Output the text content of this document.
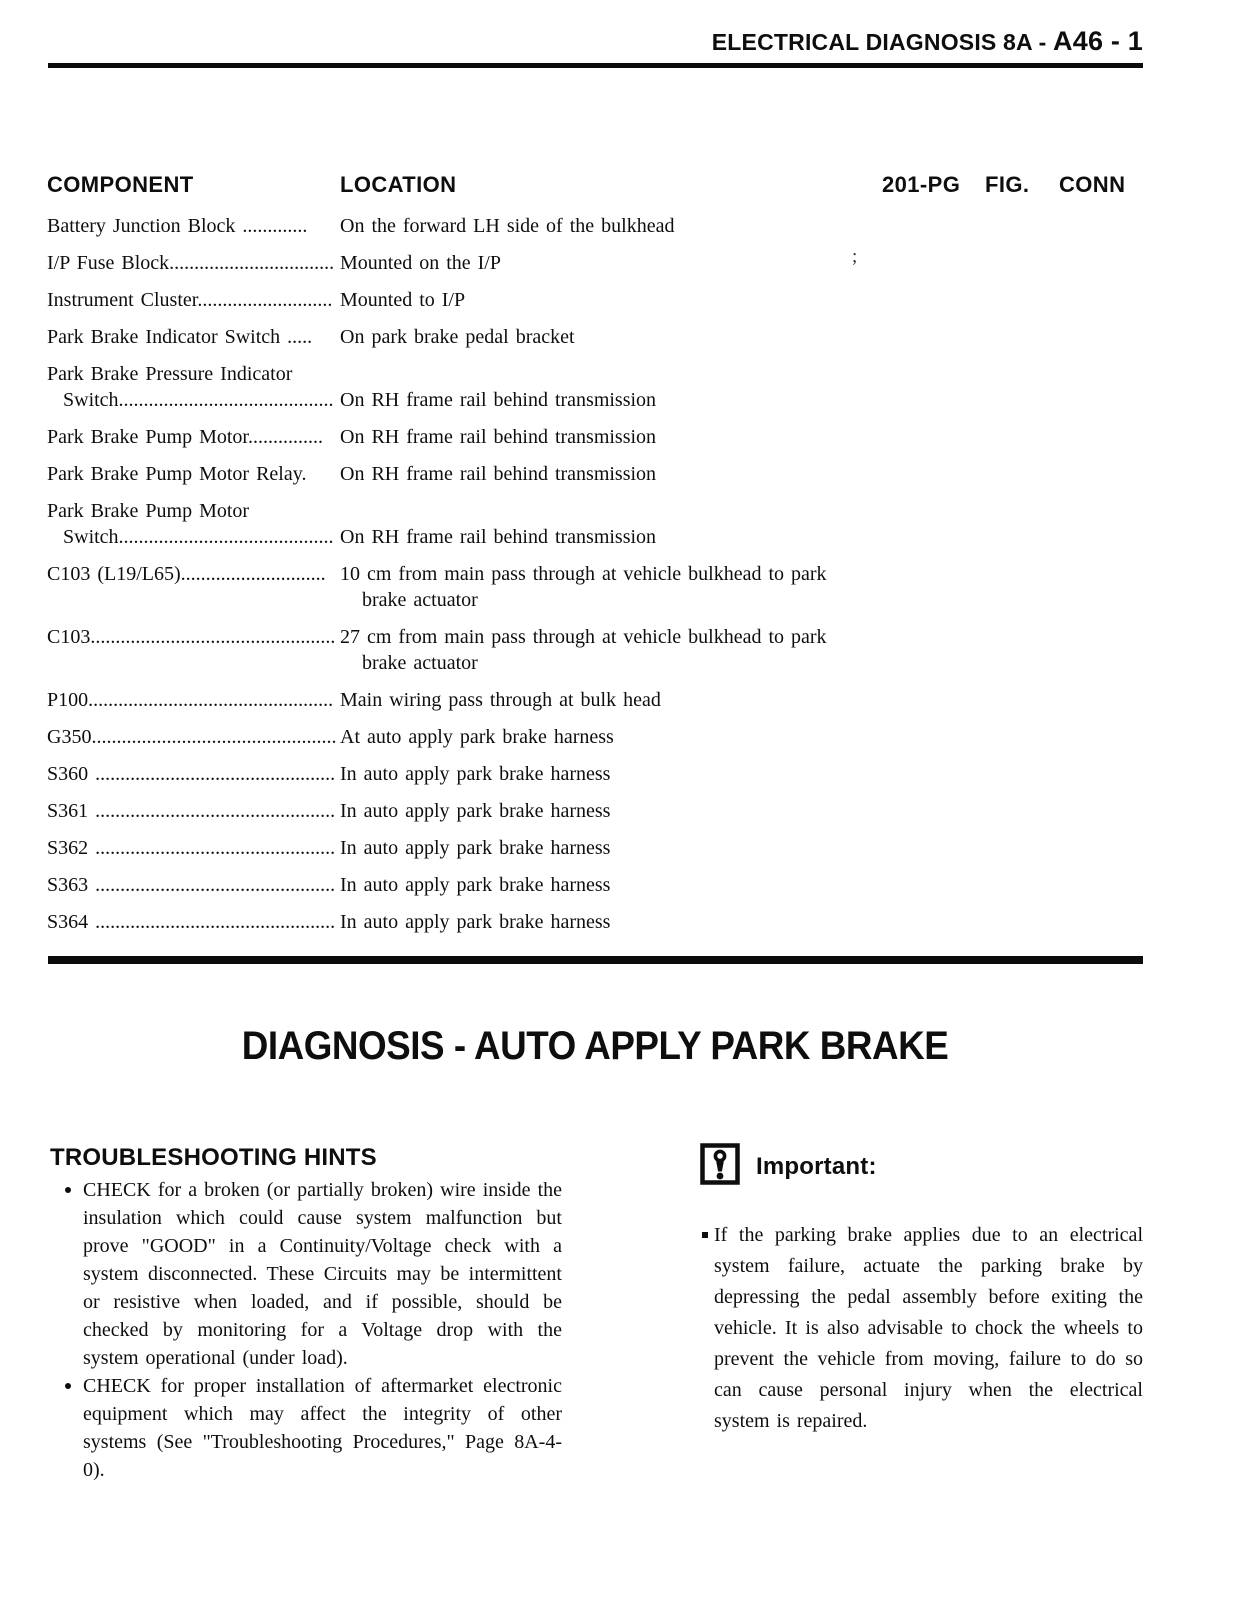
ELECTRICAL DIAGNOSIS 8A - A46 - 1
COMPONENT	LOCATION	201-PG FIG. CONN
Battery Junction Block .............	On the forward LH side of the bulkhead
I/P Fuse Block................................. Mounted on the I/P
Instrument Cluster........................... Mounted to I/P
Park Brake Indicator Switch .....	On park brake pedal bracket
Park Brake Pressure Indicator
Switch........................................... On RH frame rail behind transmission
Park Brake Pump Motor............... On RH frame rail behind transmission
Park Brake Pump Motor Relay.	On RH frame rail behind transmission
Park Brake Pump Motor
Switch........................................... On RH frame rail behind transmission
C103 (L19/L65)............................. 10 cm from main pass through at vehicle bulkhead to park
brake actuator
C103................................................. 27 cm from main pass through at vehicle bulkhead to park
brake actuator
P100................................................. Main wiring pass through at bulk head
G350................................................. At auto apply park brake harness
S360 ................................................ In auto apply park brake harness
S361 ................................................ In auto apply park brake harness
S362 ................................................ In auto apply park brake harness
S363 ................................................ In auto apply park brake harness
S364 ................................................ In auto apply park brake harness
;
DIAGNOSIS - AUTO APPLY PARK BRAKE
TROUBLESHOOTING HINTS
CHECK for a broken (or partially broken) wire inside the insulation which could cause system malfunction but prove "GOOD" in a Continuity/Voltage check with a system disconnected. These Circuits may be intermittent or resistive when loaded, and if possible, should be checked by monitoring for a Voltage drop with the system operational (under load).
CHECK for proper installation of aftermarket electronic equipment which may affect the integrity of other systems (See "Troubleshooting Procedures," Page 8A-4-0).
Important:
If the parking brake applies due to an electrical system failure, actuate the parking brake by depressing the pedal assembly before exiting the vehicle. It is also advisable to chock the wheels to prevent the vehicle from moving, failure to do so can cause personal injury when the electrical system is repaired.
